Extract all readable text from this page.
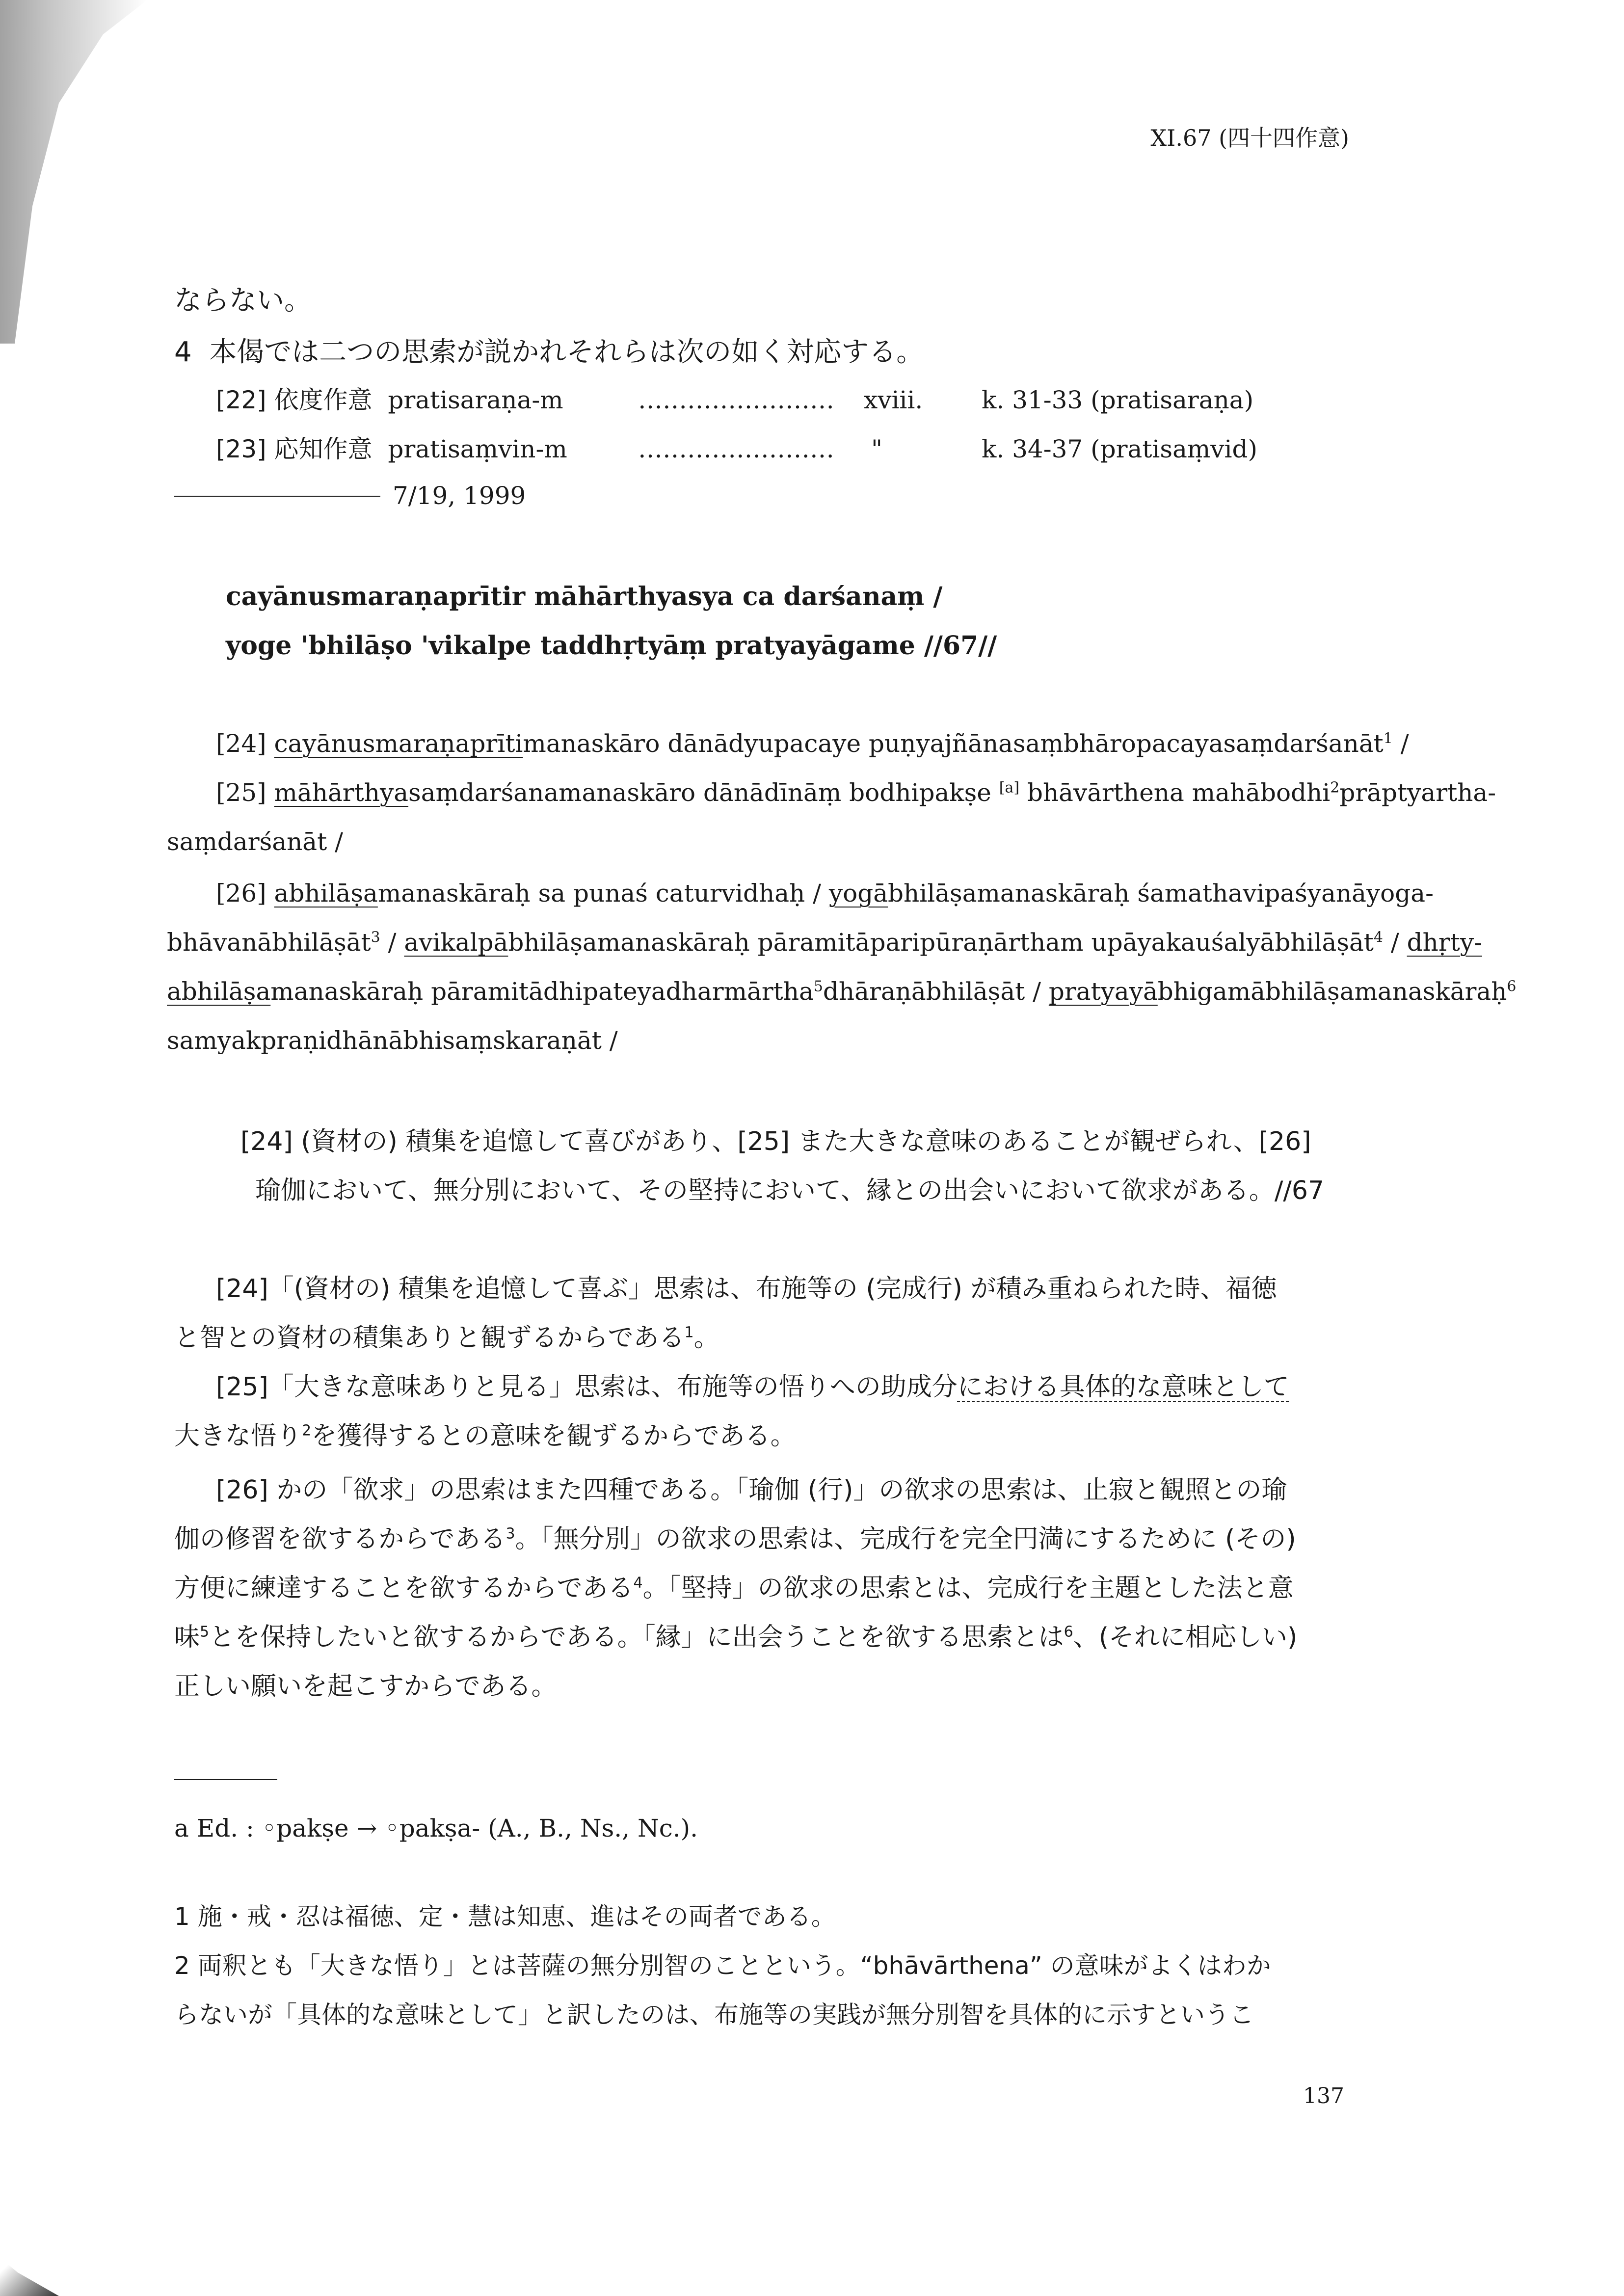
XI.67 (四十四作意)
ならない。
4 本偈では二つの思索が説かれそれらは次の如く対応する。
[22] 依度作意 pratisaraṇa-m	…………………… xviii. k. 31-33 (pratisaraṇa)
[23] 応知作意 pratisaṃvin-m	…………………… "	k. 34-37 (pratisaṃvid)
7/19, 1999
cayānusmaraṇaprītir māhārthyasya ca darśanaṃ /
yoge 'bhilāṣo 'vikalpe taddhṛtyāṃ pratyayāgame //67//
[24] cayānusmaraṇaprītimanaskāro dānādyupacaye puṇyajñānasaṃbhāropacayasaṃdarśanāt$^1$ /
[25] māhārthyasaṃdarśanamanaskāro dānādīnāṃ bodhipakṣe [a] bhāvārthena mahābodhi$^2$prāptyartha-
saṃdarśanāt /
[26] abhilāṣamanaskāraḥ sa punaś caturvidhaḥ / yogābhilāṣamanaskāraḥ śamathavipaśyanāyoga-
bhāvanābhilāṣāt$^3$ / avikalpābhilāṣamanaskāraḥ pāramitāparipūraṇārtham upāyakauśalyābhilāṣāt$^4$ / dhṛty-
abhilāṣamanaskāraḥ pāramitādhipateyadharmārtha$^5$dhāraṇābhilāṣāt / pratyayābhigamābhilāṣamanaskāraḥ$^6$
samyakpraṇidhānābhisaṃskaraṇāt /
[24] (資材の) 積集を追憶して喜びがあり、[25] また大きな意味のあることが観ぜられ、[26]
瑜伽において、無分別において、その堅持において、縁との出会いにおいて欲求がある。//67
[24]「(資材の) 積集を追憶して喜ぶ」思索は、布施等の (完成行) が積み重ねられた時、福徳
と智との資材の積集ありと観ずるからである$^1$。
[25]「大きな意味ありと見る」思索は、布施等の悟りへの助成分における具体的な意味として
大きな悟り$^2$を獲得するとの意味を観ずるからである。
[26] かの「欲求」の思索はまた四種である。「瑜伽 (行)」の欲求の思索は、止寂と観照との瑜
伽の修習を欲するからである$^3$。「無分別」の欲求の思索は、完成行を完全円満にするために (その)
方便に練達することを欲するからである$^4$。「堅持」の欲求の思索とは、完成行を主題とした法と意
味$^5$とを保持したいと欲するからである。「縁」に出会うことを欲する思索とは$^6$、(それに相応しい)
正しい願いを起こすからである。
a Ed. : ◦pakṣe → ◦pakṣa- (A., B., Ns., Nc.).
1 施・戒・忍は福徳、定・慧は知恵、進はその両者である。
2 両釈とも「大きな悟り」とは菩薩の無分別智のことという。“bhāvārthena” の意味がよくはわか
らないが「具体的な意味として」と訳したのは、布施等の実践が無分別智を具体的に示すというこ
137
